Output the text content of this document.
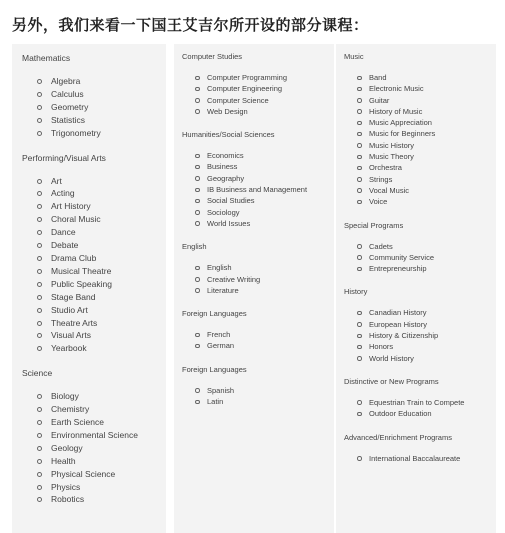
另外，我们来看一下国王艾吉尔所开设的部分课程：
Mathematics
Algebra
Calculus
Geometry
Statistics
Trigonometry
Performing/Visual Arts
Art
Acting
Art History
Choral Music
Dance
Debate
Drama Club
Musical Theatre
Public Speaking
Stage Band
Studio Art
Theatre Arts
Visual Arts
Yearbook
Science
Biology
Chemistry
Earth Science
Environmental Science
Geology
Health
Physical Science
Physics
Robotics
Computer Studies
Computer Programming
Computer Engineering
Computer Science
Web Design
Humanities/Social Sciences
Economics
Business
Geography
IB Business and Management
Social Studies
Sociology
World Issues
English
English
Creative Writing
Literature
Foreign Languages
French
German
Foreign Languages
Spanish
Latin
Music
Band
Electronic Music
Guitar
History of Music
Music Appreciation
Music for Beginners
Music History
Music Theory
Orchestra
Strings
Vocal Music
Voice
Special Programs
Cadets
Community Service
Entrepreneurship
History
Canadian History
European History
History & Citizenship
Honors
World History
Distinctive or New Programs
Equestrian Train to Compete
Outdoor Education
Advanced/Enrichment Programs
International Baccalaureate
